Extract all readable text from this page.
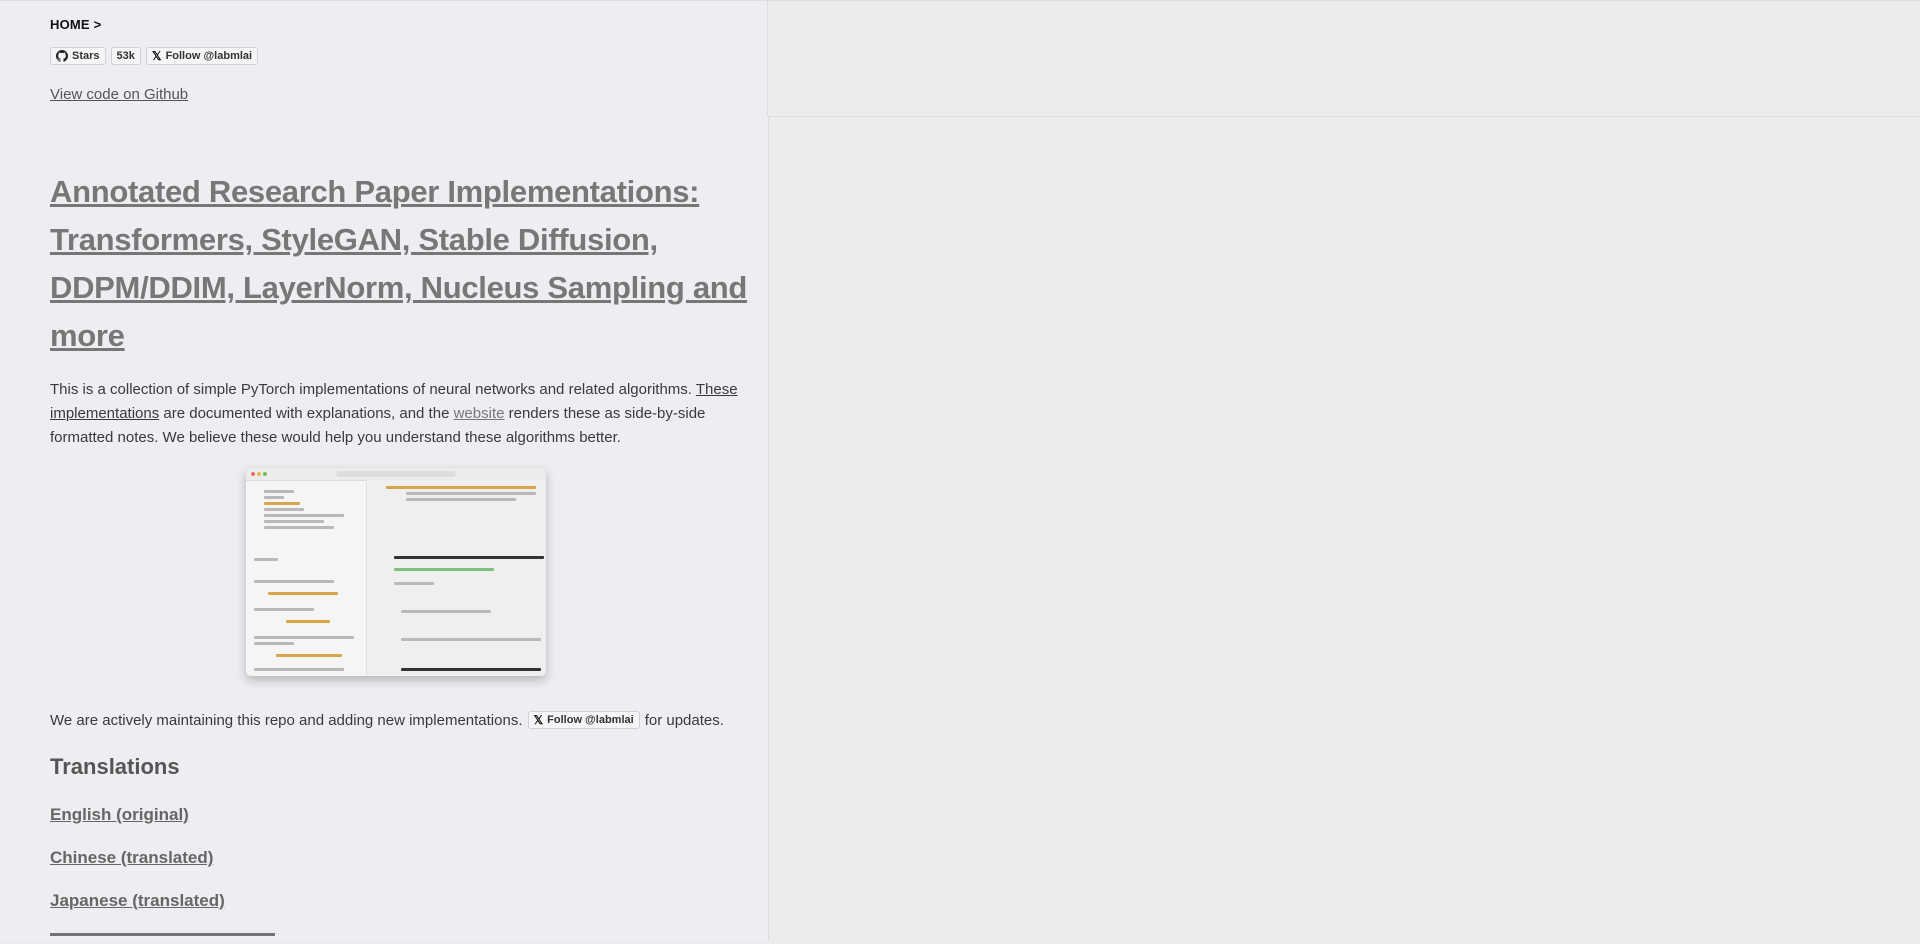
HOME >
Stars	53k	𝕏 Follow @labmlai
View code on Github
Annotated Research Paper Implementations: Transformers, StyleGAN, Stable Diffusion, DDPM/DDIM, LayerNorm, Nucleus Sampling and more
This is a collection of simple PyTorch implementations of neural networks and related algorithms. These implementations are documented with explanations, and the website renders these as side-by-side formatted notes. We believe these would help you understand these algorithms better.
We are actively maintaining this repo and adding new implementations. 𝕏 Follow @labmlai for updates.
Translations
English (original)
Chinese (translated)
Japanese (translated)
